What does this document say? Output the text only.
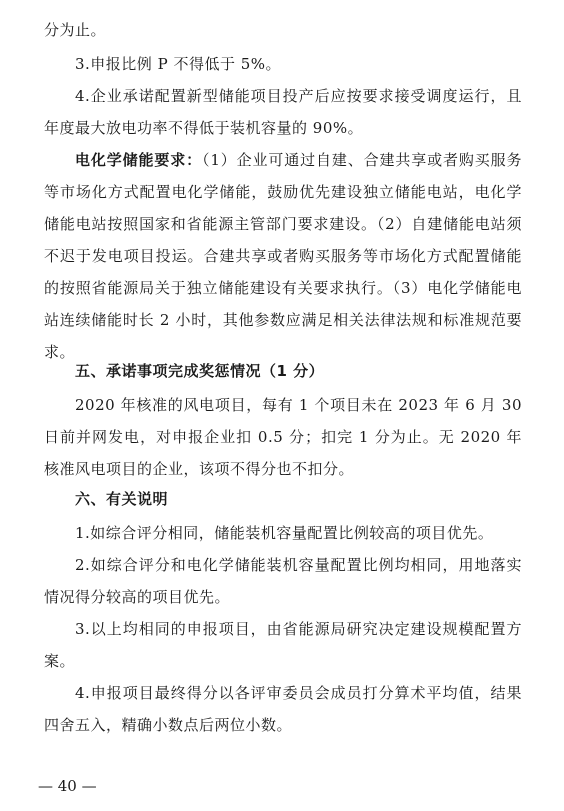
分为止。

3.申报比例 P 不得低于 5%。

4.企业承诺配置新型储能项目投产后应按要求接受调度运行，且年度最大放电功率不得低于装机容量的 90%。

电化学储能要求：（1）企业可通过自建、合建共享或者购买服务等市场化方式配置电化学储能，鼓励优先建设独立储能电站，电化学储能电站按照国家和省能源主管部门要求建设。（2）自建储能电站须不迟于发电项目投运。合建共享或者购买服务等市场化方式配置储能的按照省能源局关于独立储能建设有关要求执行。（3）电化学储能电站连续储能时长 2 小时，其他参数应满足相关法律法规和标准规范要求。

五、承诺事项完成奖惩情况（1 分）

2020 年核准的风电项目，每有 1 个项目未在 2023 年 6 月 30 日前并网发电，对申报企业扣 0.5 分；扣完 1 分为止。无 2020 年核准风电项目的企业，该项不得分也不扣分。

六、有关说明

1.如综合评分相同，储能装机容量配置比例较高的项目优先。

2.如综合评分和电化学储能装机容量配置比例均相同，用地落实情况得分较高的项目优先。

3.以上均相同的申报项目，由省能源局研究决定建设规模配置方案。

4.申报项目最终得分以各评审委员会成员打分算术平均值，结果四舍五入，精确小数点后两位小数。

— 40 —
